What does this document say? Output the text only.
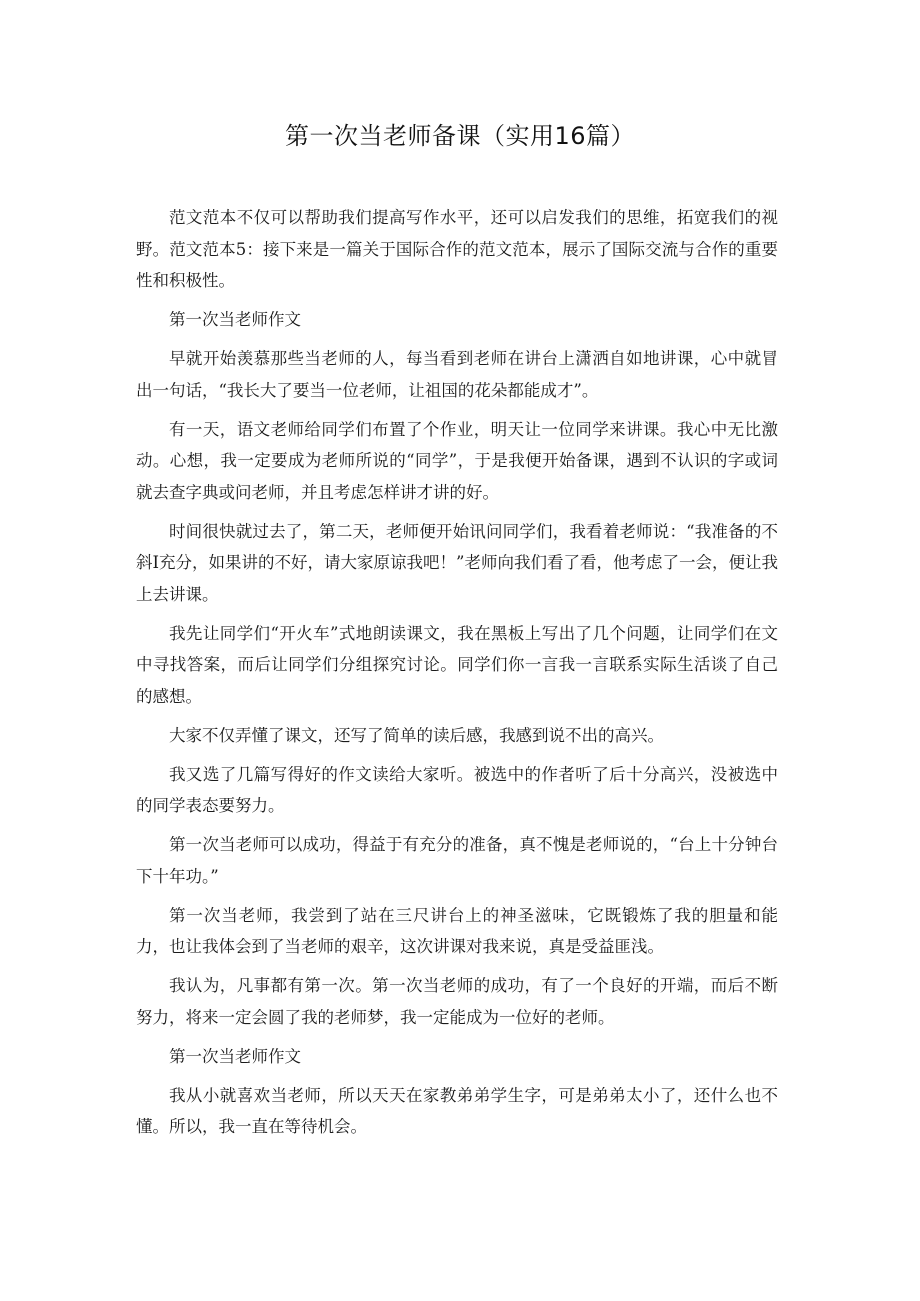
第一次当老师备课（实用16篇）

范文范本不仅可以帮助我们提高写作水平，还可以启发我们的思维，拓宽我们的视野。范文范本5：接下来是一篇关于国际合作的范文范本，展示了国际交流与合作的重要性和积极性。

第一次当老师作文

早就开始羡慕那些当老师的人，每当看到老师在讲台上潇洒自如地讲课，心中就冒出一句话，“我长大了要当一位老师，让祖国的花朵都能成才”。

有一天，语文老师给同学们布置了个作业，明天让一位同学来讲课。我心中无比激动。心想，我一定要成为老师所说的“同学”，于是我便开始备课，遇到不认识的字或词就去查字典或问老师，并且考虑怎样讲才讲的好。

时间很快就过去了，第二天，老师便开始讯问同学们，我看着老师说：“我准备的不斜I充分，如果讲的不好，请大家原谅我吧！”老师向我们看了看，他考虑了一会，便让我上去讲课。

我先让同学们“开火车”式地朗读课文，我在黑板上写出了几个问题，让同学们在文中寻找答案，而后让同学们分组探究讨论。同学们你一言我一言联系实际生活谈了自己的感想。

大家不仅弄懂了课文，还写了简单的读后感，我感到说不出的高兴。

我又选了几篇写得好的作文读给大家听。被选中的作者听了后十分高兴，没被选中的同学表态要努力。

第一次当老师可以成功，得益于有充分的准备，真不愧是老师说的，“台上十分钟台下十年功。”

第一次当老师，我尝到了站在三尺讲台上的神圣滋味，它既锻炼了我的胆量和能力，也让我体会到了当老师的艰辛，这次讲课对我来说，真是受益匪浅。

我认为，凡事都有第一次。第一次当老师的成功，有了一个良好的开端，而后不断努力，将来一定会圆了我的老师梦，我一定能成为一位好的老师。

第一次当老师作文

我从小就喜欢当老师，所以天天在家教弟弟学生字，可是弟弟太小了，还什么也不懂。所以，我一直在等待机会。
